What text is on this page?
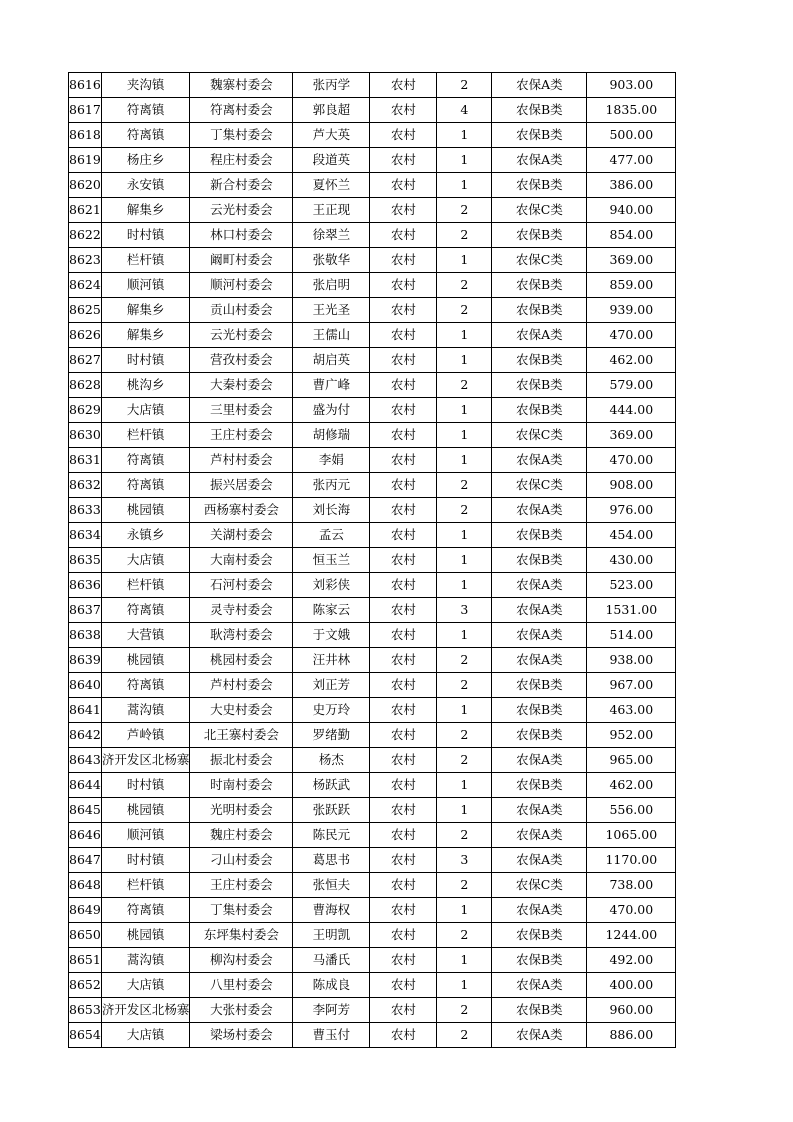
8616	夹沟镇	魏寨村委会	张丙学	农村	2	农保A类	903.00
8617	符离镇	符离村委会	郭良超	农村	4	农保B类	1835.00
8618	符离镇	丁集村委会	芦大英	农村	1	农保B类	500.00
8619	杨庄乡	程庄村委会	段道英	农村	1	农保A类	477.00
8620	永安镇	新合村委会	夏怀兰	农村	1	农保B类	386.00
8621	解集乡	云光村委会	王正现	农村	2	农保C类	940.00
8622	时村镇	林口村委会	徐翠兰	农村	2	农保B类	854.00
8623	栏杆镇	阚町村委会	张敬华	农村	1	农保C类	369.00
8624	顺河镇	顺河村委会	张启明	农村	2	农保B类	859.00
8625	解集乡	贡山村委会	王光圣	农村	2	农保B类	939.00
8626	解集乡	云光村委会	王儒山	农村	1	农保A类	470.00
8627	时村镇	营孜村委会	胡启英	农村	1	农保B类	462.00
8628	桃沟乡	大秦村委会	曹广峰	农村	2	农保B类	579.00
8629	大店镇	三里村委会	盛为付	农村	1	农保B类	444.00
8630	栏杆镇	王庄村委会	胡修瑞	农村	1	农保C类	369.00
8631	符离镇	芦村村委会	李娟	农村	1	农保A类	470.00
8632	符离镇	振兴居委会	张丙元	农村	2	农保C类	908.00
8633	桃园镇	西杨寨村委会	刘长海	农村	2	农保A类	976.00
8634	永镇乡	关湖村委会	孟云	农村	1	农保B类	454.00
8635	大店镇	大南村委会	恒玉兰	农村	1	农保B类	430.00
8636	栏杆镇	石河村委会	刘彩侠	农村	1	农保A类	523.00
8637	符离镇	灵寺村委会	陈家云	农村	3	农保A类	1531.00
8638	大营镇	耿湾村委会	于文娥	农村	1	农保A类	514.00
8639	桃园镇	桃园村委会	汪井林	农村	2	农保A类	938.00
8640	符离镇	芦村村委会	刘正芳	农村	2	农保B类	967.00
8641	蒿沟镇	大史村委会	史万玲	农村	1	农保B类	463.00
8642	芦岭镇	北王寨村委会	罗绪勤	农村	2	农保B类	952.00
8643	济开发区北杨寨	振北村委会	杨杰	农村	2	农保A类	965.00
8644	时村镇	时南村委会	杨跃武	农村	1	农保B类	462.00
8645	桃园镇	光明村委会	张跃跃	农村	1	农保A类	556.00
8646	顺河镇	魏庄村委会	陈民元	农村	2	农保A类	1065.00
8647	时村镇	刁山村委会	葛思书	农村	3	农保A类	1170.00
8648	栏杆镇	王庄村委会	张恒夫	农村	2	农保C类	738.00
8649	符离镇	丁集村委会	曹海权	农村	1	农保A类	470.00
8650	桃园镇	东坪集村委会	王明凯	农村	2	农保B类	1244.00
8651	蒿沟镇	柳沟村委会	马潘氏	农村	1	农保B类	492.00
8652	大店镇	八里村委会	陈成良	农村	1	农保A类	400.00
8653	济开发区北杨寨	大张村委会	李阿芳	农村	2	农保B类	960.00
8654	大店镇	梁场村委会	曹玉付	农村	2	农保A类	886.00
